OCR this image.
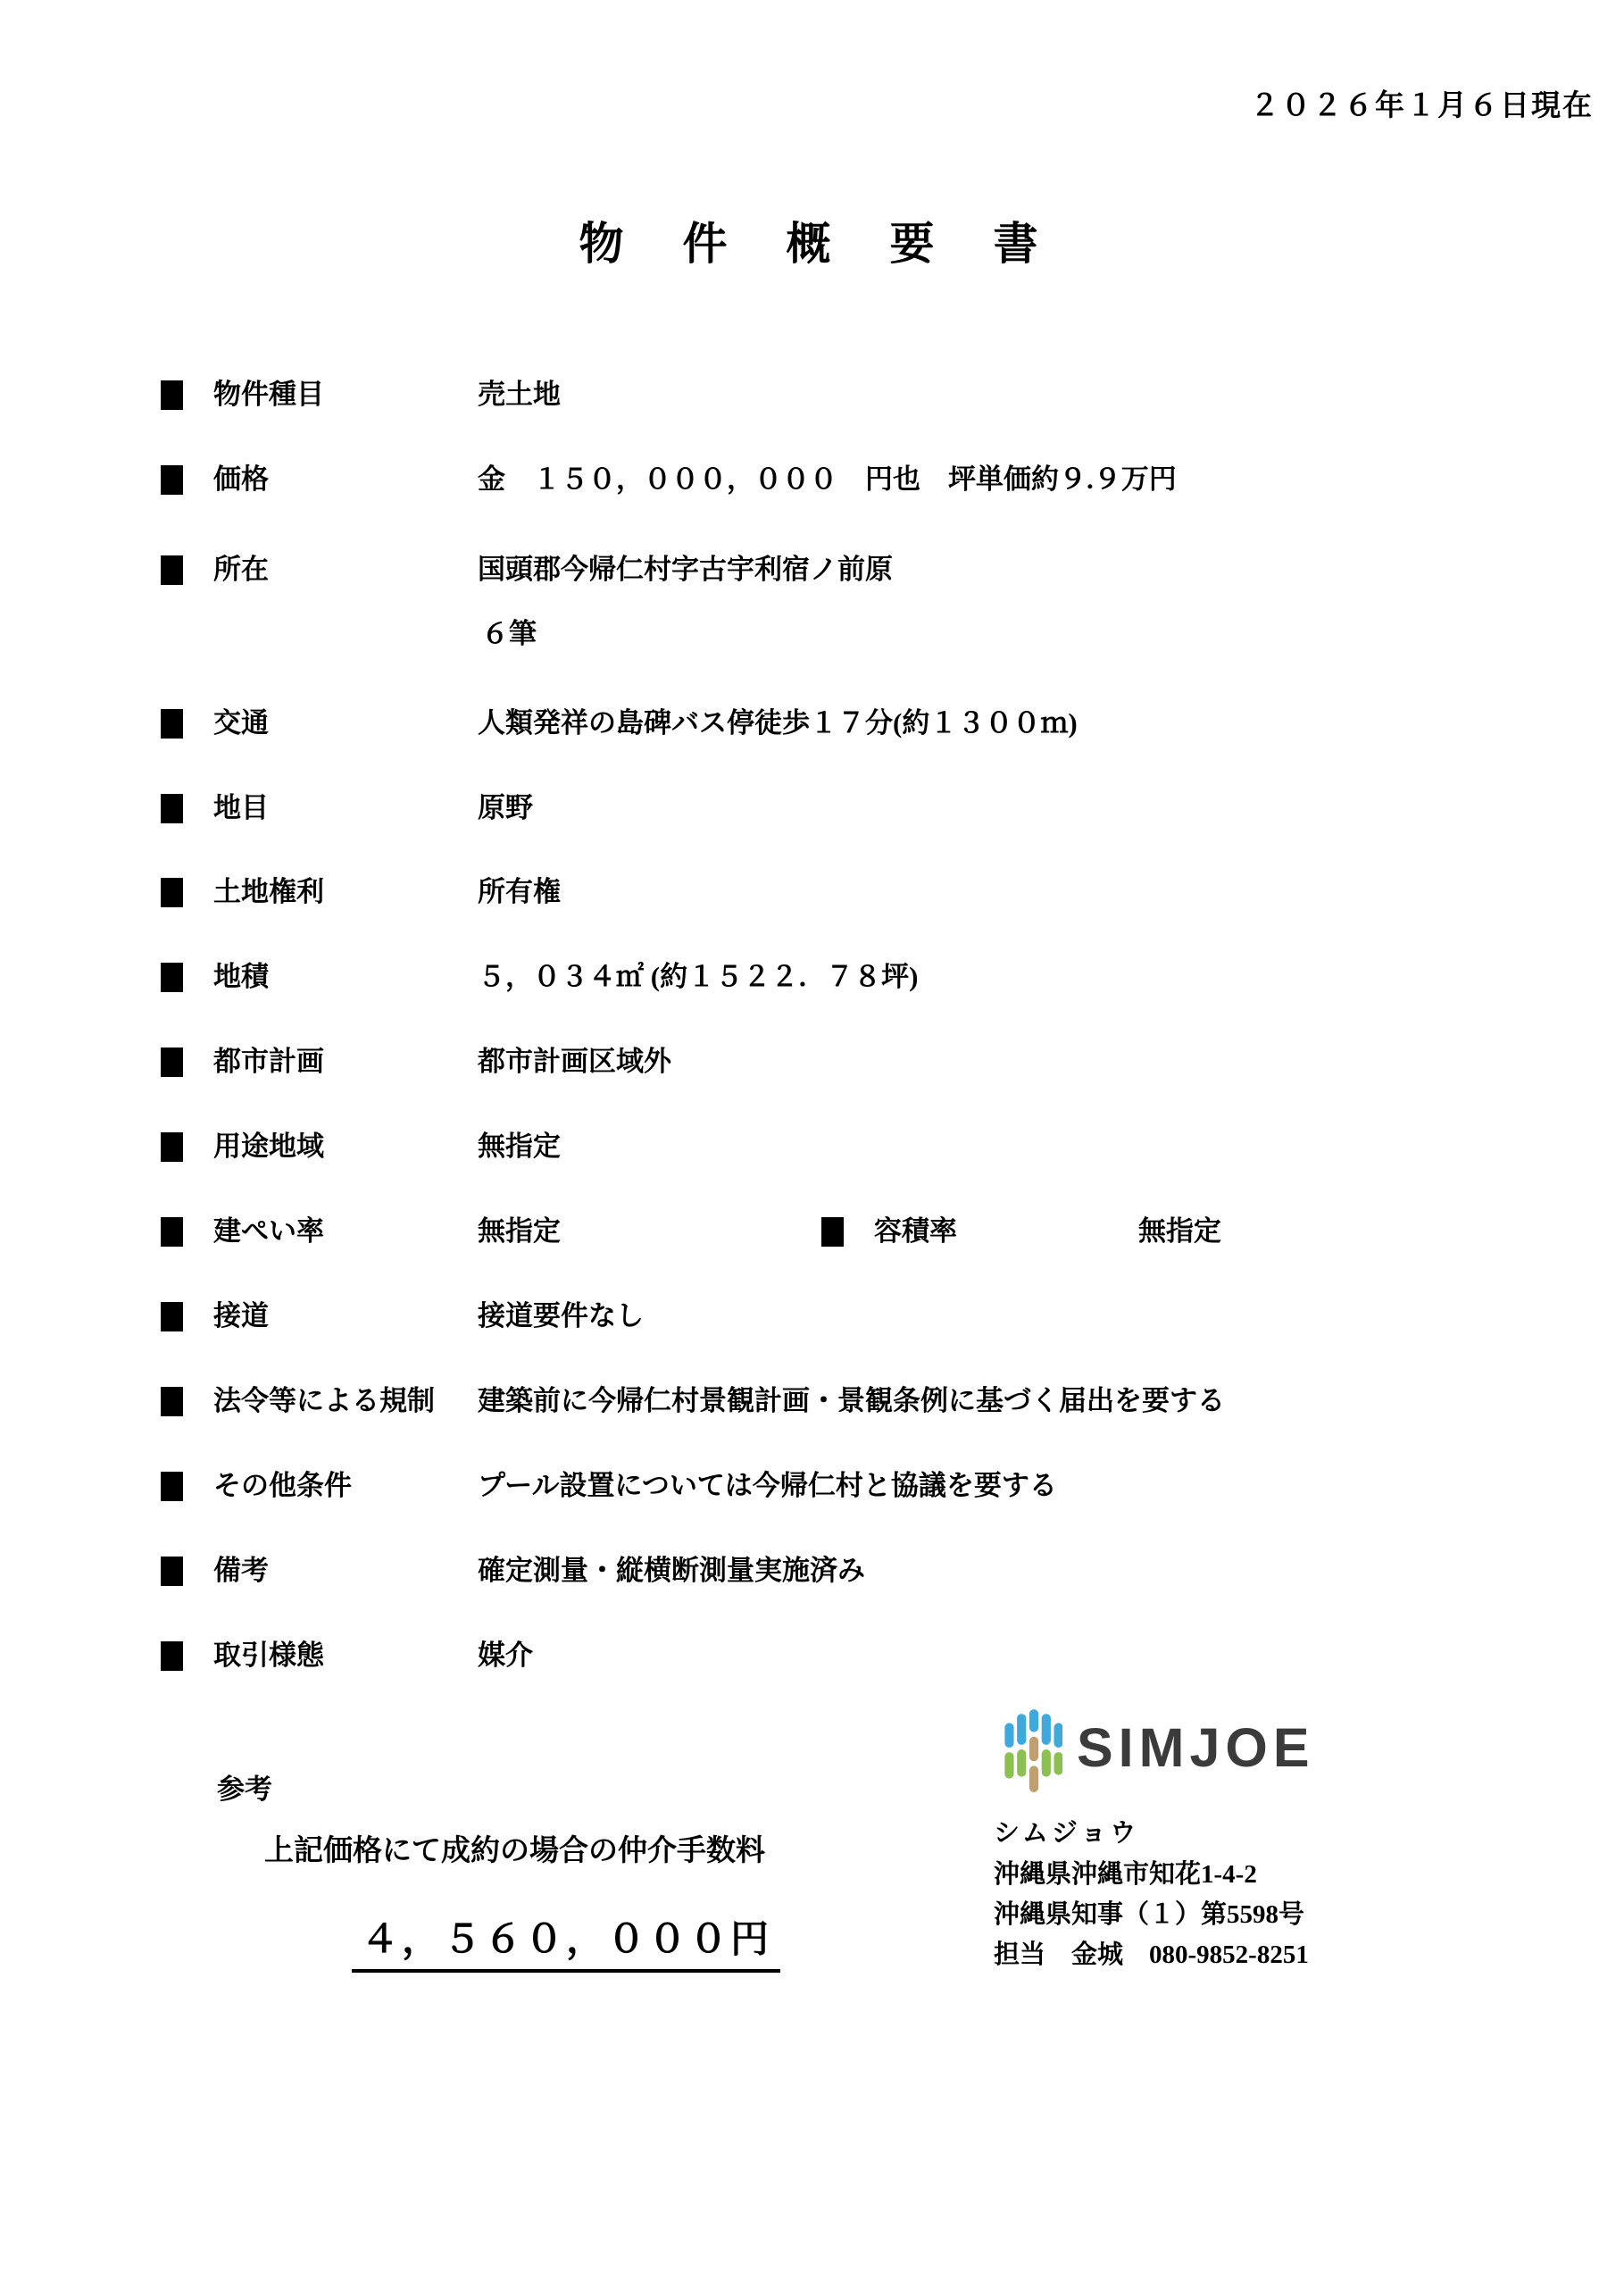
２０２６年１月６日現在
物　件　概　要　書
物件種目	売土地
価格	金　１５０，０００，０００　円也　坪単価約９.９万円
所在	国頭郡今帰仁村字古宇利宿ノ前原
６筆
交通	人類発祥の島碑バス停徒歩１７分(約１３００ｍ)
地目	原野
土地権利	所有権
地積	５，０３４㎡ (約１５２２．７８坪)
都市計画	都市計画区域外
用途地域	無指定
建ぺい率	無指定	容積率	無指定
接道	接道要件なし
法令等による規制	建築前に今帰仁村景観計画・景観条例に基づく届出を要する
その他条件	プール設置については今帰仁村と協議を要する
備考	確定測量・縦横断測量実施済み
取引様態	媒介
参考
上記価格にて成約の場合の仲介手数料
４，５６０，０００円
SIMJOE
シムジョウ
沖縄県沖縄市知花1-4-2
沖縄県知事（１）第5598号
担当　金城　080-9852-8251
